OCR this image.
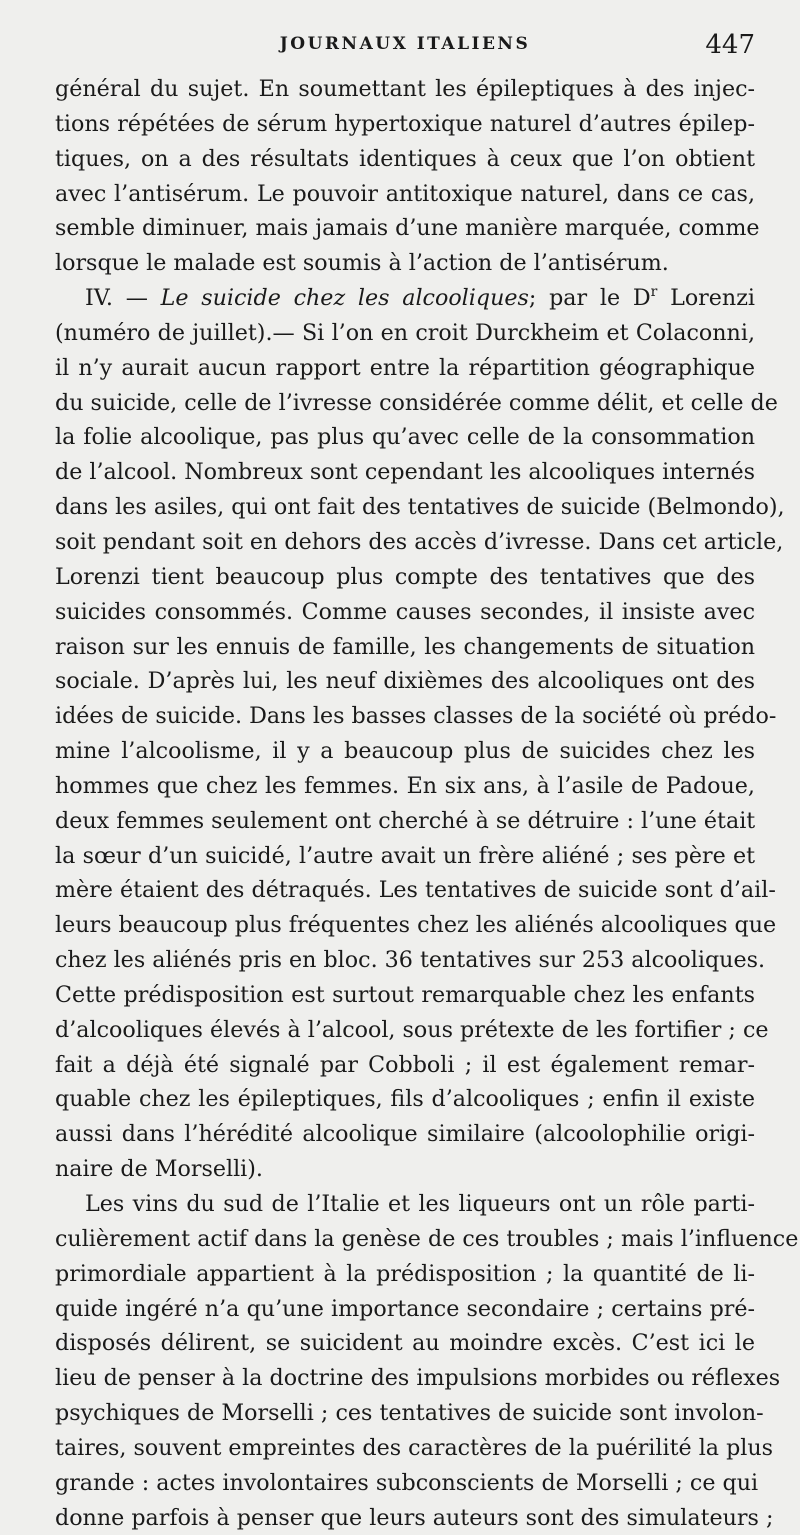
JOURNAUX ITALIENS	447
général du sujet. En soumettant les épileptiques à des injec-
tions répétées de sérum hypertoxique naturel d’autres épilep-
tiques, on a des résultats identiques à ceux que l’on obtient
avec l’antisérum. Le pouvoir antitoxique naturel, dans ce cas,
semble diminuer, mais jamais d’une manière marquée, comme
lorsque le malade est soumis à l’action de l’antisérum.
IV. — Le suicide chez les alcooliques; par le $D^r$ Lorenzi
(numéro de juillet).— Si l’on en croit Durckheim et Colaconni,
il n’y aurait aucun rapport entre la répartition géographique
du suicide, celle de l’ivresse considérée comme délit, et celle de
la folie alcoolique, pas plus qu’avec celle de la consommation
de l’alcool. Nombreux sont cependant les alcooliques internés
dans les asiles, qui ont fait des tentatives de suicide (Belmondo),
soit pendant soit en dehors des accès d’ivresse. Dans cet article,
Lorenzi tient beaucoup plus compte des tentatives que des
suicides consommés. Comme causes secondes, il insiste avec
raison sur les ennuis de famille, les changements de situation
sociale. D’après lui, les neuf dixièmes des alcooliques ont des
idées de suicide. Dans les basses classes de la société où prédo-
mine l’alcoolisme, il y a beaucoup plus de suicides chez les
hommes que chez les femmes. En six ans, à l’asile de Padoue,
deux femmes seulement ont cherché à se détruire : l’une était
la sœur d’un suicidé, l’autre avait un frère aliéné ; ses père et
mère étaient des détraqués. Les tentatives de suicide sont d’ail-
leurs beaucoup plus fréquentes chez les aliénés alcooliques que
chez les aliénés pris en bloc. 36 tentatives sur 253 alcooliques.
Cette prédisposition est surtout remarquable chez les enfants
d’alcooliques élevés à l’alcool, sous prétexte de les fortifier ; ce
fait a déjà été signalé par Cobboli ; il est également remar-
quable chez les épileptiques, fils d’alcooliques ; enfin il existe
aussi dans l’hérédité alcoolique similaire (alcoolophilie origi-
naire de Morselli).
Les vins du sud de l’Italie et les liqueurs ont un rôle parti-
culièrement actif dans la genèse de ces troubles ; mais l’influence
primordiale appartient à la prédisposition ; la quantité de li-
quide ingéré n’a qu’une importance secondaire ; certains pré-
disposés délirent, se suicident au moindre excès. C’est ici le
lieu de penser à la doctrine des impulsions morbides ou réflexes
psychiques de Morselli ; ces tentatives de suicide sont involon-
taires, souvent empreintes des caractères de la puérilité la plus
grande : actes involontaires subconscients de Morselli ; ce qui
donne parfois à penser que leurs auteurs sont des simulateurs ;
